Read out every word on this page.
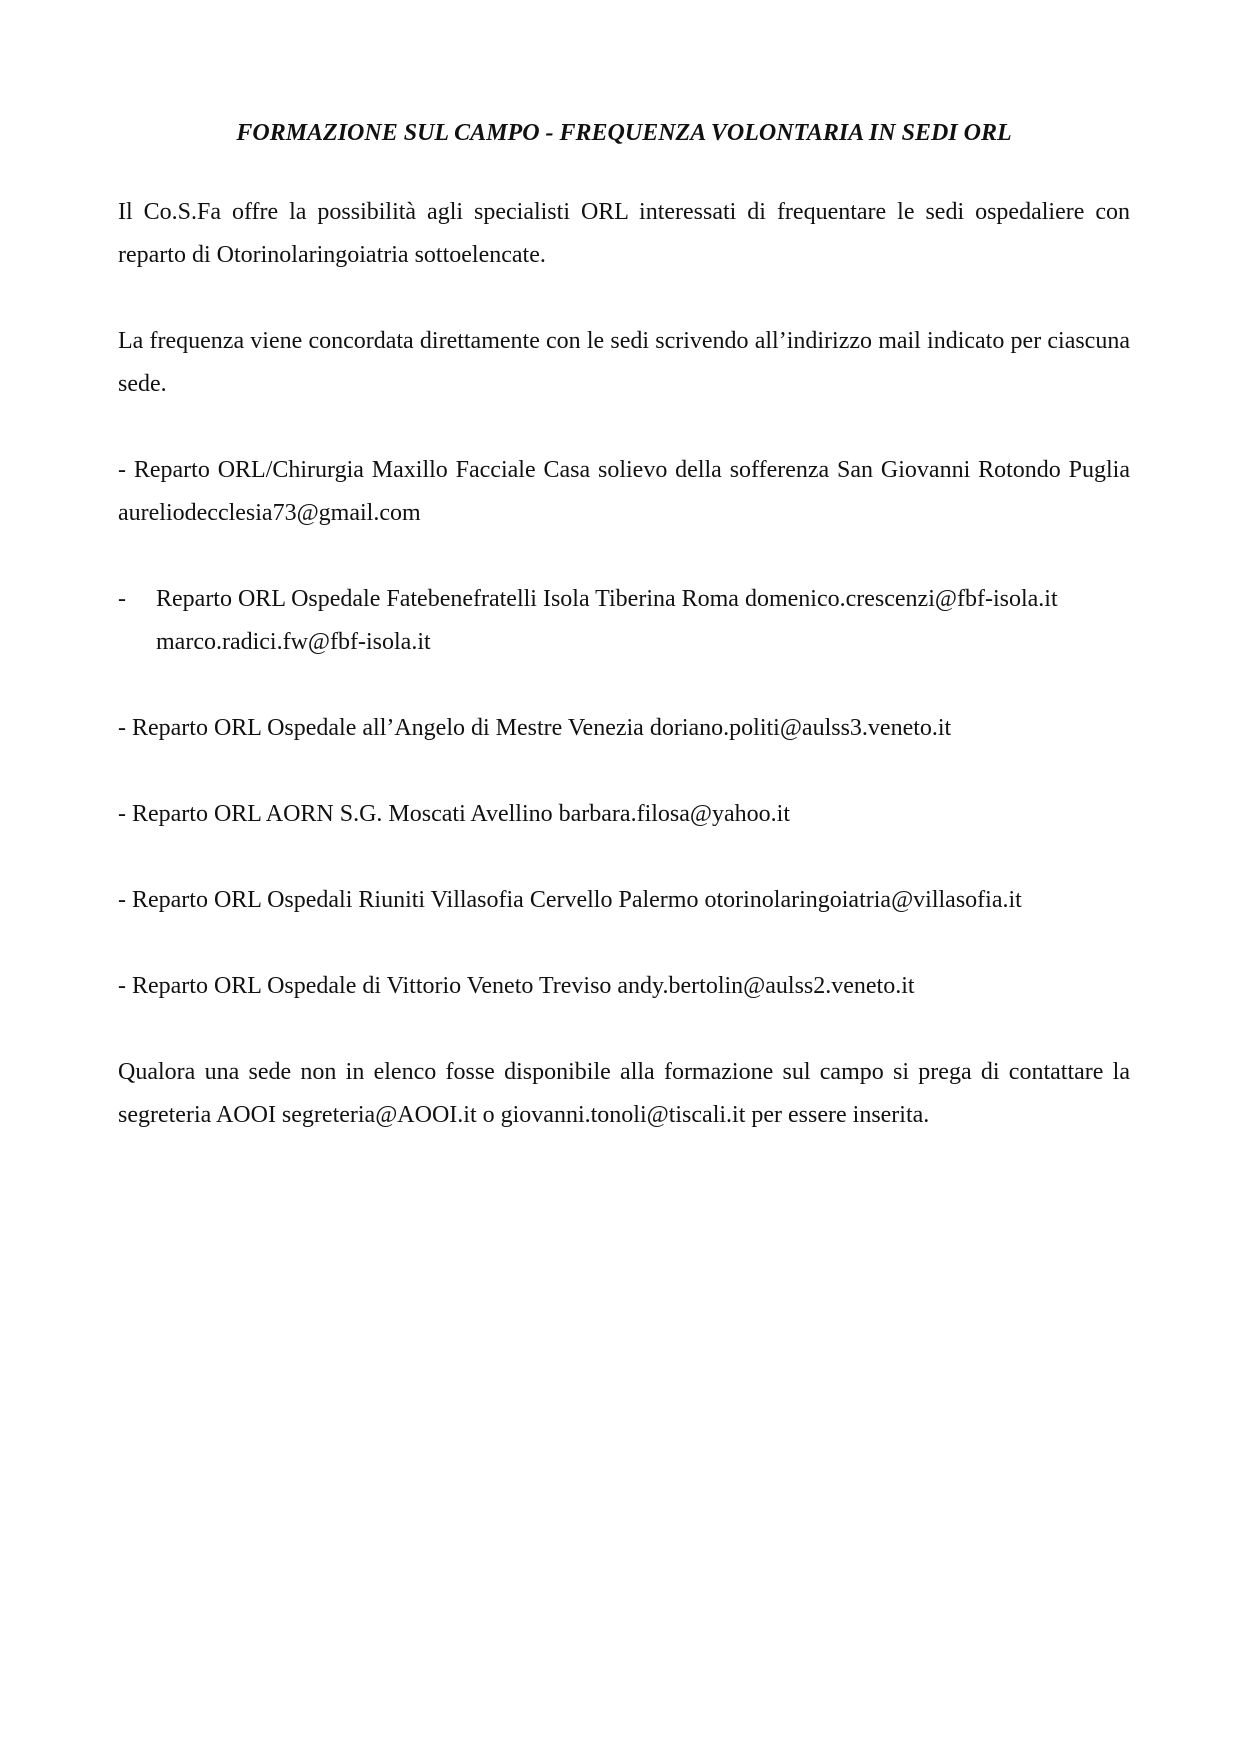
FORMAZIONE SUL CAMPO - FREQUENZA VOLONTARIA IN SEDI ORL

Il Co.S.Fa offre la possibilità agli specialisti ORL interessati di frequentare le sedi ospedaliere con reparto di Otorinolaringoiatria sottoelencate.

La frequenza viene concordata direttamente con le sedi scrivendo all’indirizzo mail indicato per ciascuna sede.

- Reparto ORL/Chirurgia Maxillo Facciale Casa solievo della sofferenza San Giovanni Rotondo Puglia aureliodecclesia73@gmail.com

-	Reparto ORL Ospedale Fatebenefratelli Isola Tiberina Roma domenico.crescenzi@fbf-isola.it
marco.radici.fw@fbf-isola.it

- Reparto ORL Ospedale all’Angelo di Mestre Venezia doriano.politi@aulss3.veneto.it

- Reparto ORL AORN S.G. Moscati Avellino barbara.filosa@yahoo.it

- Reparto ORL Ospedali Riuniti Villasofia Cervello Palermo otorinolaringoiatria@villasofia.it

- Reparto ORL Ospedale di Vittorio Veneto Treviso andy.bertolin@aulss2.veneto.it

Qualora una sede non in elenco fosse disponibile alla formazione sul campo si prega di contattare la segreteria AOOI segreteria@AOOI.it o giovanni.tonoli@tiscali.it per essere inserita.
